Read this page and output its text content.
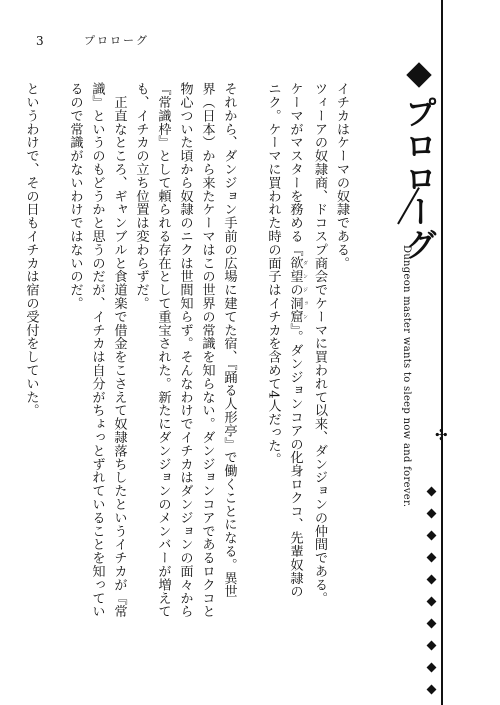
3	プロローグ
イチカはケーマの奴隷である。
ツィーアの奴隷商、ドコスプ商会でケーマに買われて以来、ダンジョンの仲間である。
ケーマがマスターを務める『欲望の洞窟 ダンジョン』。ダンジョンコアの化身ロクコ、先輩奴隷の
ニク。ケーマに買われた時の面子はイチカを含めて4人だった。
それから、ダンジョン手前の広場に建てた宿、『踊る人形亭』で働くことになる。異世
界（日本）から来たケーマはこの世界の常識を知らない。ダンジョンコアであるロクコと
物心ついた頃から奴隷のニクは世間知らず。そんなわけでイチカはダンジョンの面々から
『常識枠』として頼られる存在として重宝された。新たにダンジョンのメンバーが増えて
も、イチカの立ち位置は変わらずだ。
　正直なところ、ギャンブルと食道楽で借金をこさえて奴隷落ちしたというイチカが『常
識』というのもどうかと思うのだが、イチカは自分がちょっとずれていることを知ってい
るので常識がないわけではないのだ。
というわけで、その日もイチカは宿の受付をしていた。	プロローグ
Dungeon master wants to sleep now and forever. ✣
